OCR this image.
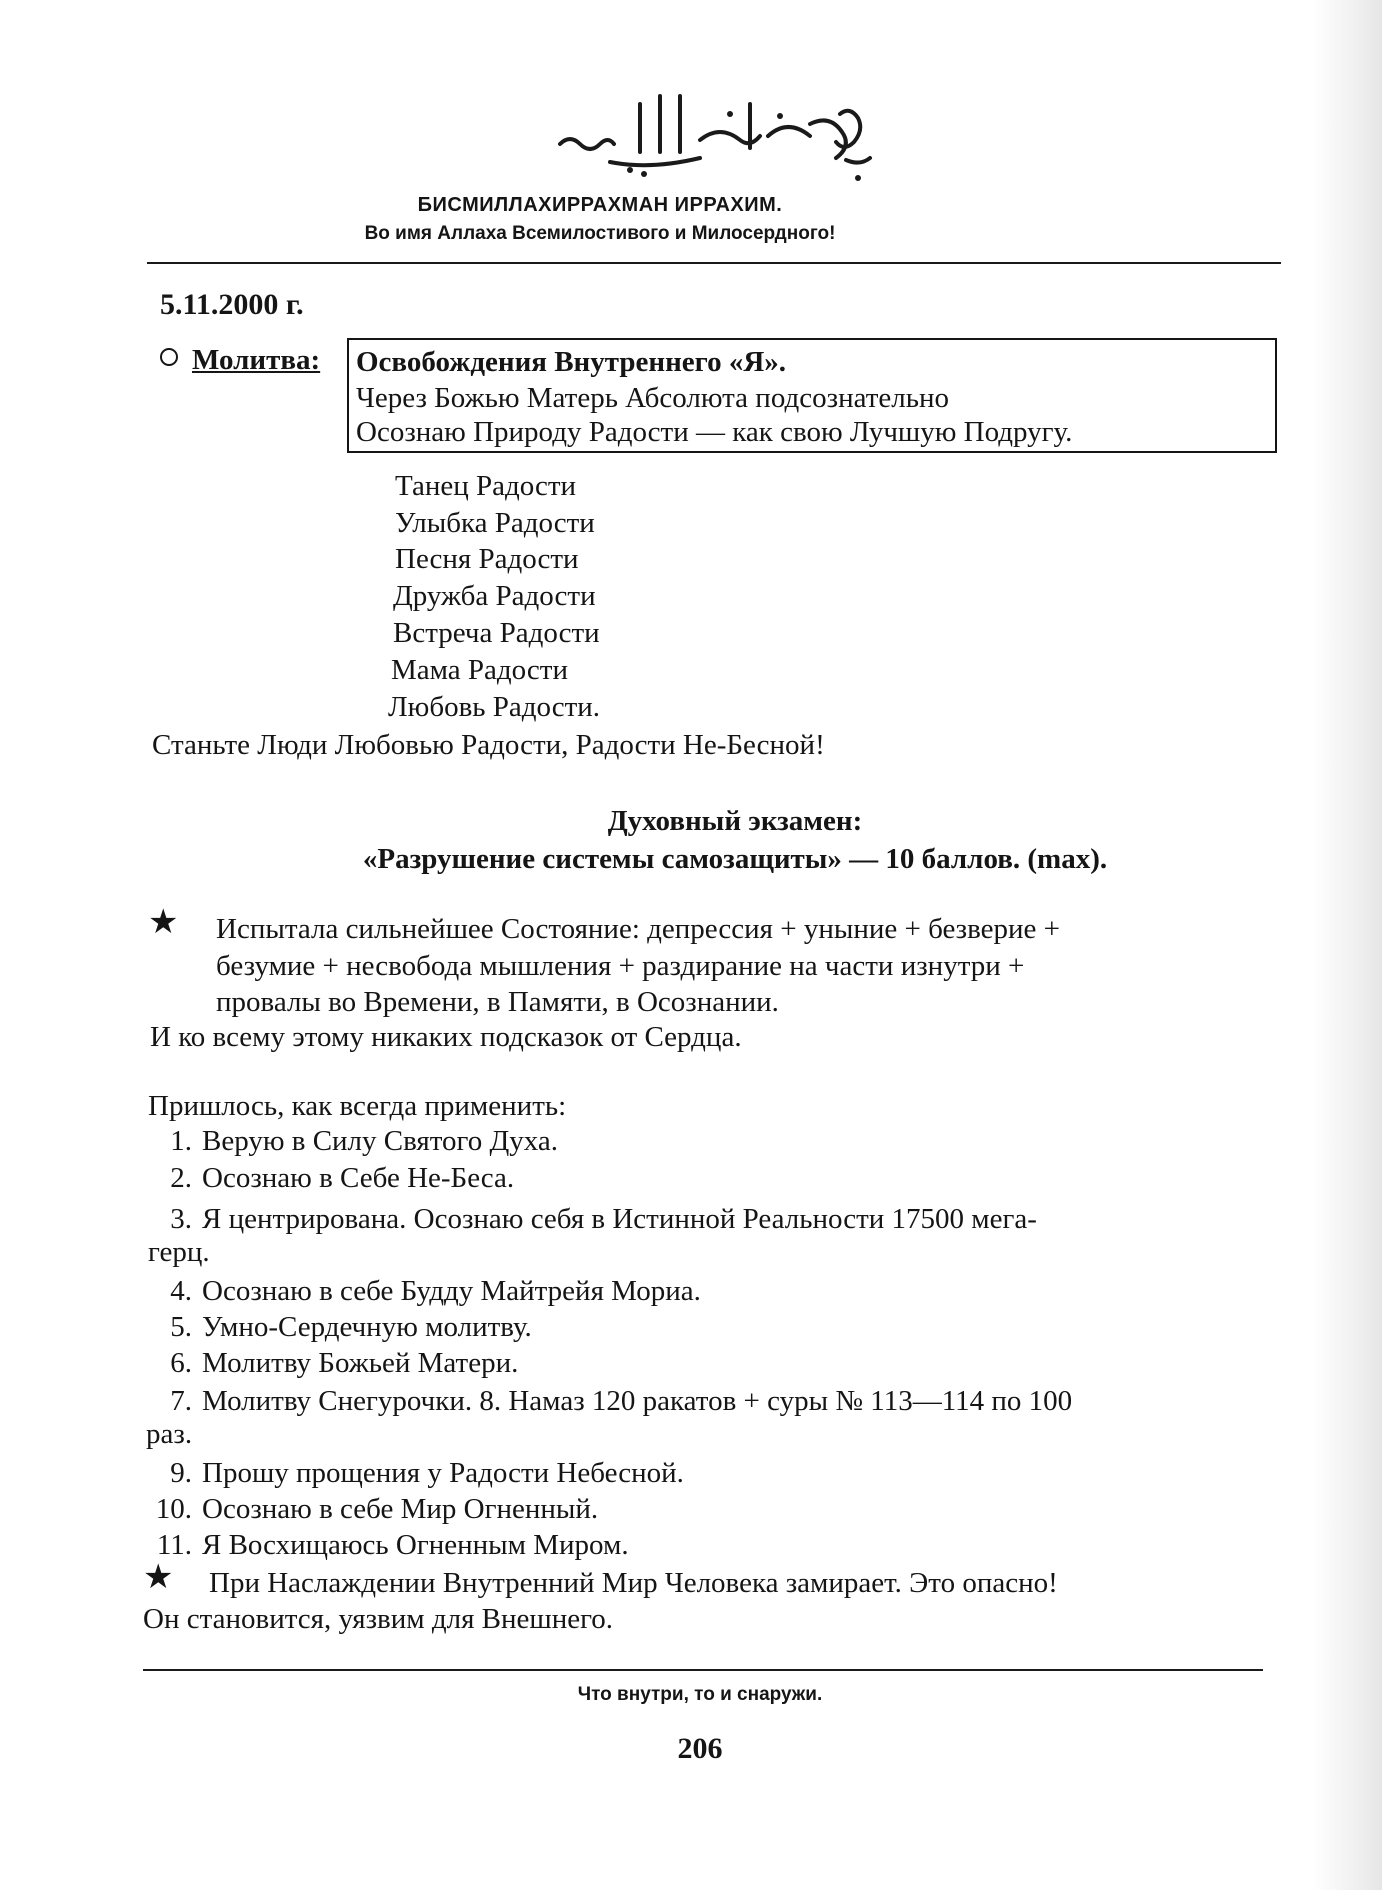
БИСМИЛЛАХИРРАХМАН ИРРАХИМ.
Во имя Аллаха Всемилостивого и Милосердного!
5.11.2000 г.
Молитва: Освобождения Внутреннего «Я».
Через Божью Матерь Абсолюта подсознательно
Осознаю Природу Радости — как свою Лучшую Подругу.
Танец Радости
Улыбка Радости
Песня Радости
Дружба Радости
Встреча Радости
Мама Радости
Любовь Радости.
Станьте Люди Любовью Радости, Радости Не-Бесной!
Духовный экзамен:
«Разрушение системы самозащиты» — 10 баллов. (max).
★ Испытала сильнейшее Состояние: депрессия + уныние + безверие +
безумие + несвобода мышления + раздирание на части изнутри +
провалы во Времени, в Памяти, в Осознании.
И ко всему этому никаких подсказок от Сердца.
Пришлось, как всегда применить:
1. Верую в Силу Святого Духа.
2. Осознаю в Себе Не-Беса.
3. Я центрирована. Осознаю себя в Истинной Реальности 17500 мега-
герц.
4. Осознаю в себе Будду Майтрейя Мориа.
5. Умно-Сердечную молитву.
6. Молитву Божьей Матери.
7. Молитву Снегурочки. 8. Намаз 120 ракатов + суры № 113—114 по 100
раз.
9. Прошу прощения у Радости Небесной.
10. Осознаю в себе Мир Огненный.
11. Я Восхищаюсь Огненным Миром.
★ При Наслаждении Внутренний Мир Человека замирает. Это опасно!
Он становится, уязвим для Внешнего.
Что внутри, то и снаружи.
206
